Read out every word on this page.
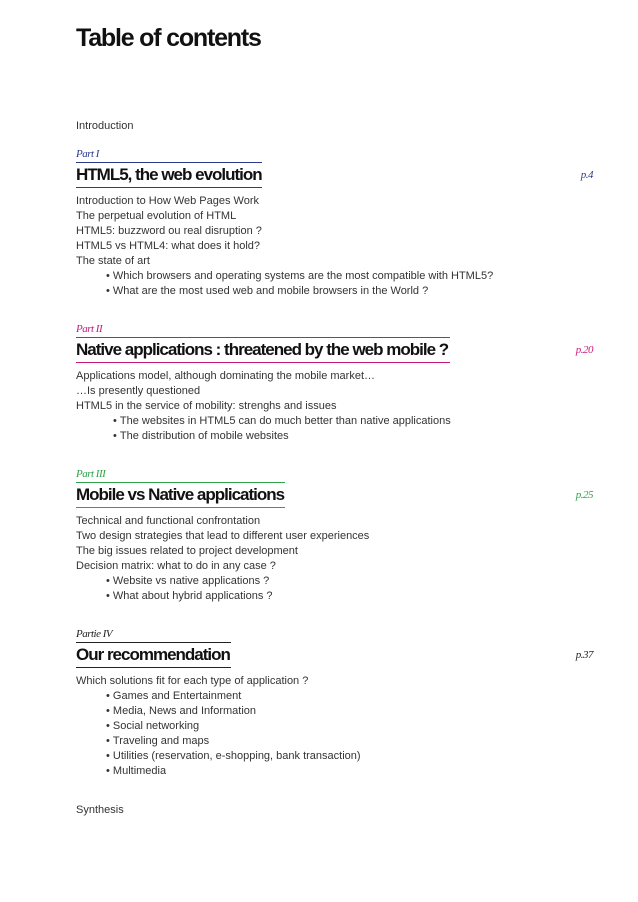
Table of contents
Introduction
Part I
HTML5, the web evolution	p.4
Introduction to How Web Pages Work
The perpetual evolution of HTML
HTML5: buzzword ou real disruption ?
HTML5 vs HTML4: what does it hold?
The state of art
• Which browsers and operating systems are the most compatible with HTML5?
• What are the most used web and mobile browsers in the World ?
Part II
Native applications : threatened by the web mobile ?	p.20
Applications model, although dominating the mobile market…
…Is presently questioned
HTML5 in the service of mobility: strenghs and issues
• The websites in HTML5 can do much better than native applications
• The distribution of mobile websites
Part III
Mobile vs Native applications	p.25
Technical and functional confrontation
Two design strategies that lead to different user experiences
The big issues related to project development
Decision matrix: what to do in any case ?
• Website vs native applications ?
• What about hybrid applications ?
Partie IV
Our recommendation	p.37
Which solutions fit for each type of application ?
• Games and Entertainment
• Media, News and Information
• Social networking
• Traveling and maps
• Utilities (reservation, e-shopping, bank transaction)
• Multimedia
Synthesis
